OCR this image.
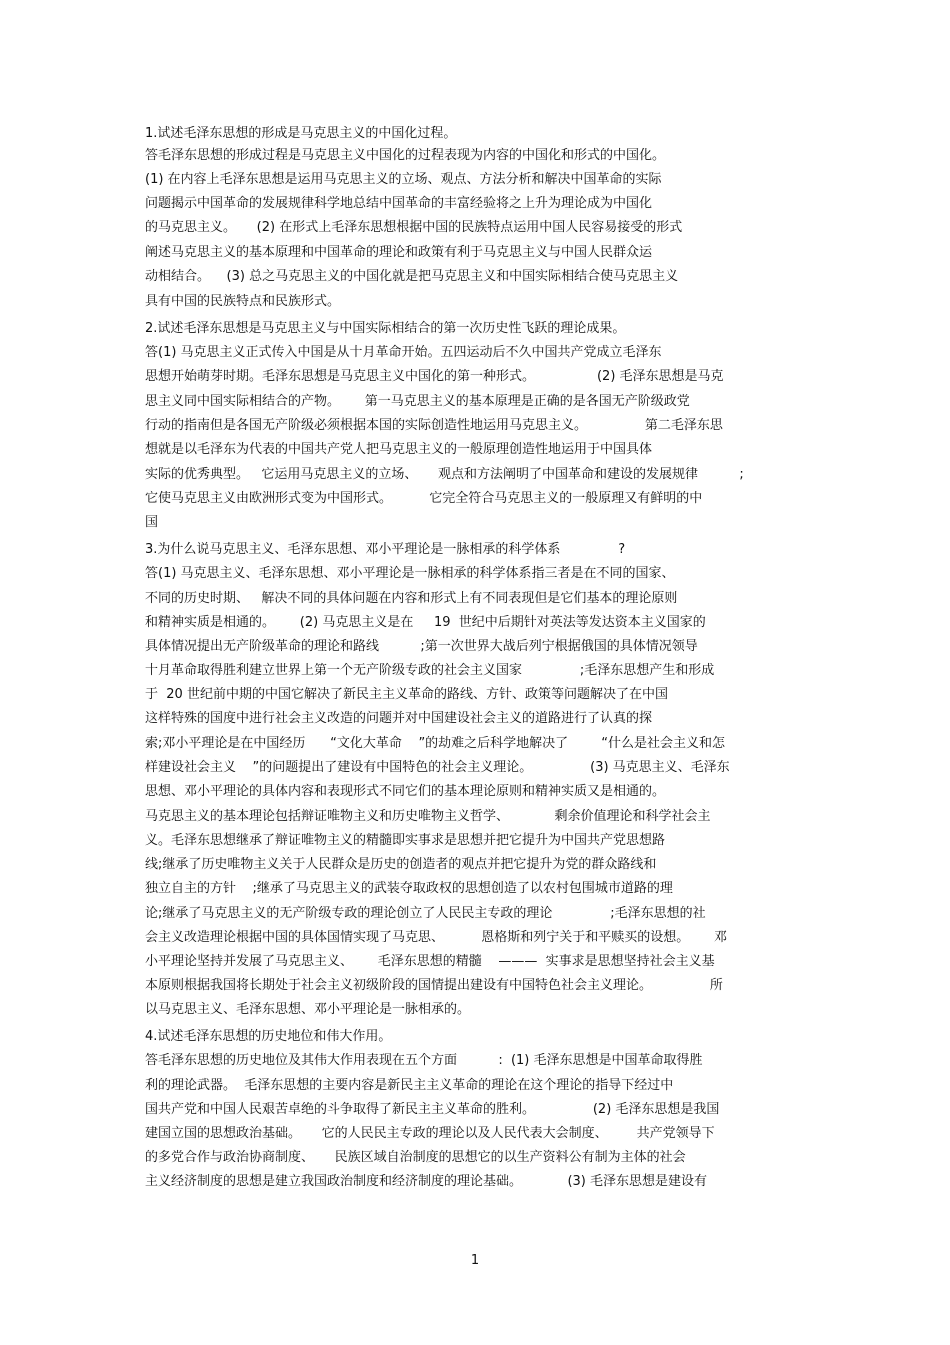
1.试述毛泽东思想的形成是马克思主义的中国化过程。
答毛泽东思想的形成过程是马克思主义中国化的过程表现为内容的中国化和形式的中国化。
(1) 在内容上毛泽东思想是运用马克思主义的立场、观点、方法分析和解决中国革命的实际
问题揭示中国革命的发展规律科学地总结中国革命的丰富经验将之上升为理论成为中国化
的马克思主义。     (2) 在形式上毛泽东思想根据中国的民族特点运用中国人民容易接受的形式
阐述马克思主义的基本原理和中国革命的理论和政策有利于马克思主义与中国人民群众运
动相结合。    (3) 总之马克思主义的中国化就是把马克思主义和中国实际相结合使马克思主义
具有中国的民族特点和民族形式。
2.试述毛泽东思想是马克思主义与中国实际相结合的第一次历史性飞跃的理论成果。
答(1) 马克思主义正式传入中国是从十月革命开始。五四运动后不久中国共产党成立毛泽东
思想开始萌芽时期。毛泽东思想是马克思主义中国化的第一种形式。               (2) 毛泽东思想是马克
思主义同中国实际相结合的产物。      第一马克思主义的基本原理是正确的是各国无产阶级政党
行动的指南但是各国无产阶级必须根据本国的实际创造性地运用马克思主义。              第二毛泽东思
想就是以毛泽东为代表的中国共产党人把马克思主义的一般原理创造性地运用于中国具体
实际的优秀典型。   它运用马克思主义的立场、     观点和方法阐明了中国革命和建设的发展规律          ;
它使马克思主义由欧洲形式变为中国形式。         它完全符合马克思主义的一般原理又有鲜明的中
国
3.为什么说马克思主义、毛泽东思想、邓小平理论是一脉相承的科学体系              ?
答(1) 马克思主义、毛泽东思想、邓小平理论是一脉相承的科学体系指三者是在不同的国家、
不同的历史时期、   解决不同的具体问题在内容和形式上有不同表现但是它们基本的理论原则
和精神实质是相通的。      (2) 马克思主义是在     19  世纪中后期针对英法等发达资本主义国家的
具体情况提出无产阶级革命的理论和路线          ;第一次世界大战后列宁根据俄国的具体情况领导
十月革命取得胜利建立世界上第一个无产阶级专政的社会主义国家              ;毛泽东思想产生和形成
于  20 世纪前中期的中国它解决了新民主主义革命的路线、方针、政策等问题解决了在中国
这样特殊的国度中进行社会主义改造的问题并对中国建设社会主义的道路进行了认真的探
索;邓小平理论是在中国经历      “文化大革命    ”的劫难之后科学地解决了        “什么是社会主义和怎
样建设社会主义    ”的问题提出了建设有中国特色的社会主义理论。              (3) 马克思主义、毛泽东
思想、邓小平理论的具体内容和表现形式不同它们的基本理论原则和精神实质又是相通的。
马克思主义的基本理论包括辩证唯物主义和历史唯物主义哲学、           剩余价值理论和科学社会主
义。毛泽东思想继承了辩证唯物主义的精髓即实事求是思想并把它提升为中国共产党思想路
线;继承了历史唯物主义关于人民群众是历史的创造者的观点并把它提升为党的群众路线和
独立自主的方针    ;继承了马克思主义的武装夺取政权的思想创造了以农村包围城市道路的理
论;继承了马克思主义的无产阶级专政的理论创立了人民民主专政的理论              ;毛泽东思想的社
会主义改造理论根据中国的具体国情实现了马克思、         恩格斯和列宁关于和平赎买的设想。      邓
小平理论坚持并发展了马克思主义、      毛泽东思想的精髓    ———  实事求是思想坚持社会主义基
本原则根据我国将长期处于社会主义初级阶段的国情提出建设有中国特色社会主义理论。              所
以马克思主义、毛泽东思想、邓小平理论是一脉相承的。
4.试述毛泽东思想的历史地位和伟大作用。
答毛泽东思想的历史地位及其伟大作用表现在五个方面          :  (1) 毛泽东思想是中国革命取得胜
利的理论武器。  毛泽东思想的主要内容是新民主主义革命的理论在这个理论的指导下经过中
国共产党和中国人民艰苦卓绝的斗争取得了新民主主义革命的胜利。              (2) 毛泽东思想是我国
建国立国的思想政治基础。     它的人民民主专政的理论以及人民代表大会制度、       共产党领导下
的多党合作与政治协商制度、     民族区域自治制度的思想它的以生产资料公有制为主体的社会
主义经济制度的思想是建立我国政治制度和经济制度的理论基础。           (3) 毛泽东思想是建设有
1
